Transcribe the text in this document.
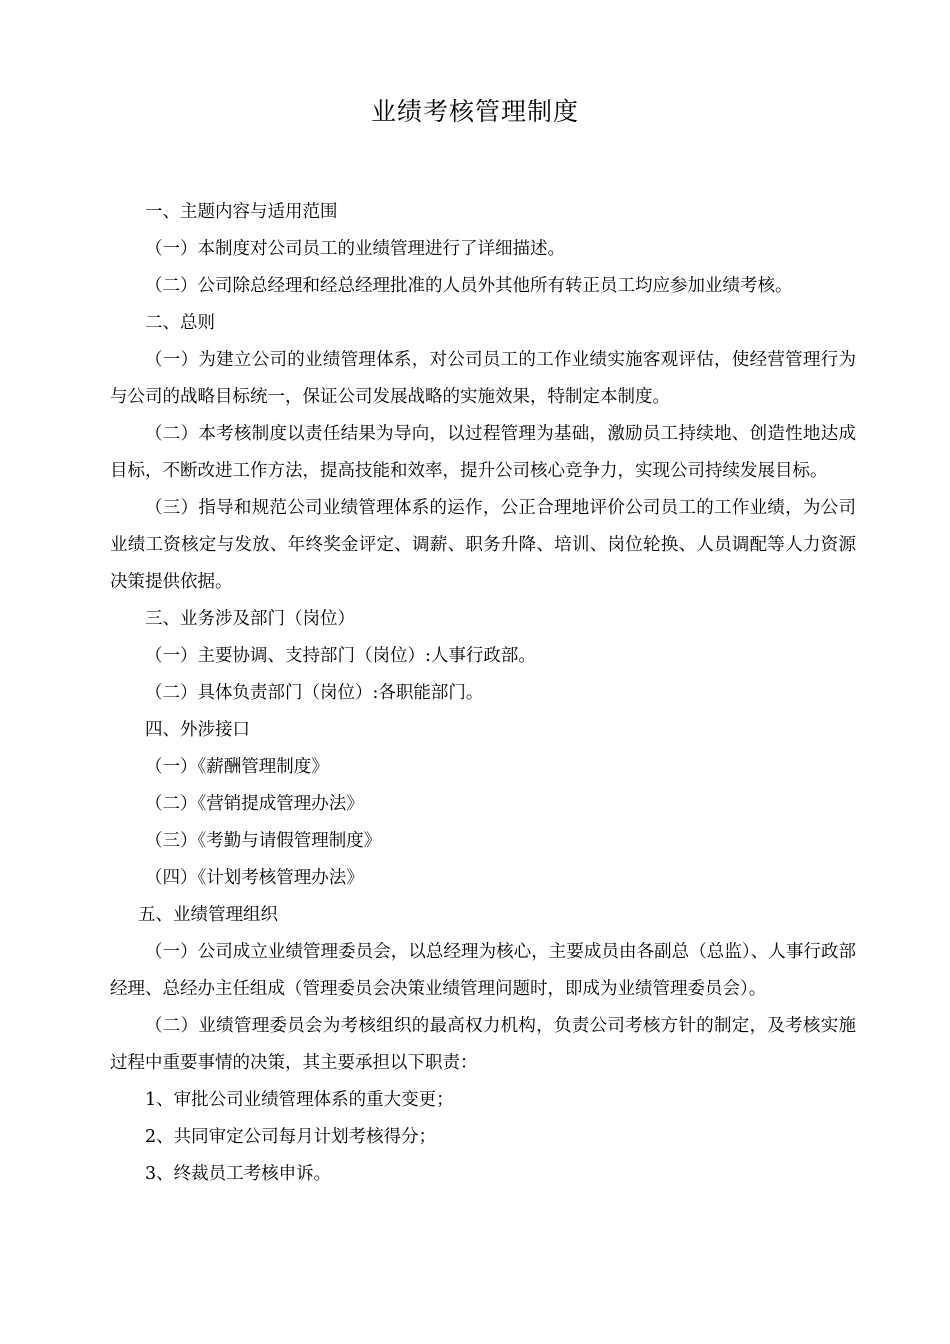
业绩考核管理制度

一、主题内容与适用范围

（一）本制度对公司员工的业绩管理进行了详细描述。

（二）公司除总经理和经总经理批准的人员外其他所有转正员工均应参加业绩考核。

二、总则

（一）为建立公司的业绩管理体系，对公司员工的工作业绩实施客观评估，使经营管理行为与公司的战略目标统一，保证公司发展战略的实施效果，特制定本制度。

（二）本考核制度以责任结果为导向，以过程管理为基础，激励员工持续地、创造性地达成目标，不断改进工作方法，提高技能和效率，提升公司核心竞争力，实现公司持续发展目标。

（三）指导和规范公司业绩管理体系的运作，公正合理地评价公司员工的工作业绩，为公司业绩工资核定与发放、年终奖金评定、调薪、职务升降、培训、岗位轮换、人员调配等人力资源决策提供依据。

三、业务涉及部门（岗位）

（一）主要协调、支持部门（岗位）:人事行政部。

（二）具体负责部门（岗位）:各职能部门。

四、外涉接口

（一）《薪酬管理制度》

（二）《营销提成管理办法》

（三）《考勤与请假管理制度》

（四）《计划考核管理办法》

五、业绩管理组织

（一）公司成立业绩管理委员会，以总经理为核心，主要成员由各副总（总监）、人事行政部经理、总经办主任组成（管理委员会决策业绩管理问题时，即成为业绩管理委员会）。

（二）业绩管理委员会为考核组织的最高权力机构，负责公司考核方针的制定，及考核实施过程中重要事情的决策，其主要承担以下职责：

1、审批公司业绩管理体系的重大变更；

2、共同审定公司每月计划考核得分；

3、终裁员工考核申诉。
